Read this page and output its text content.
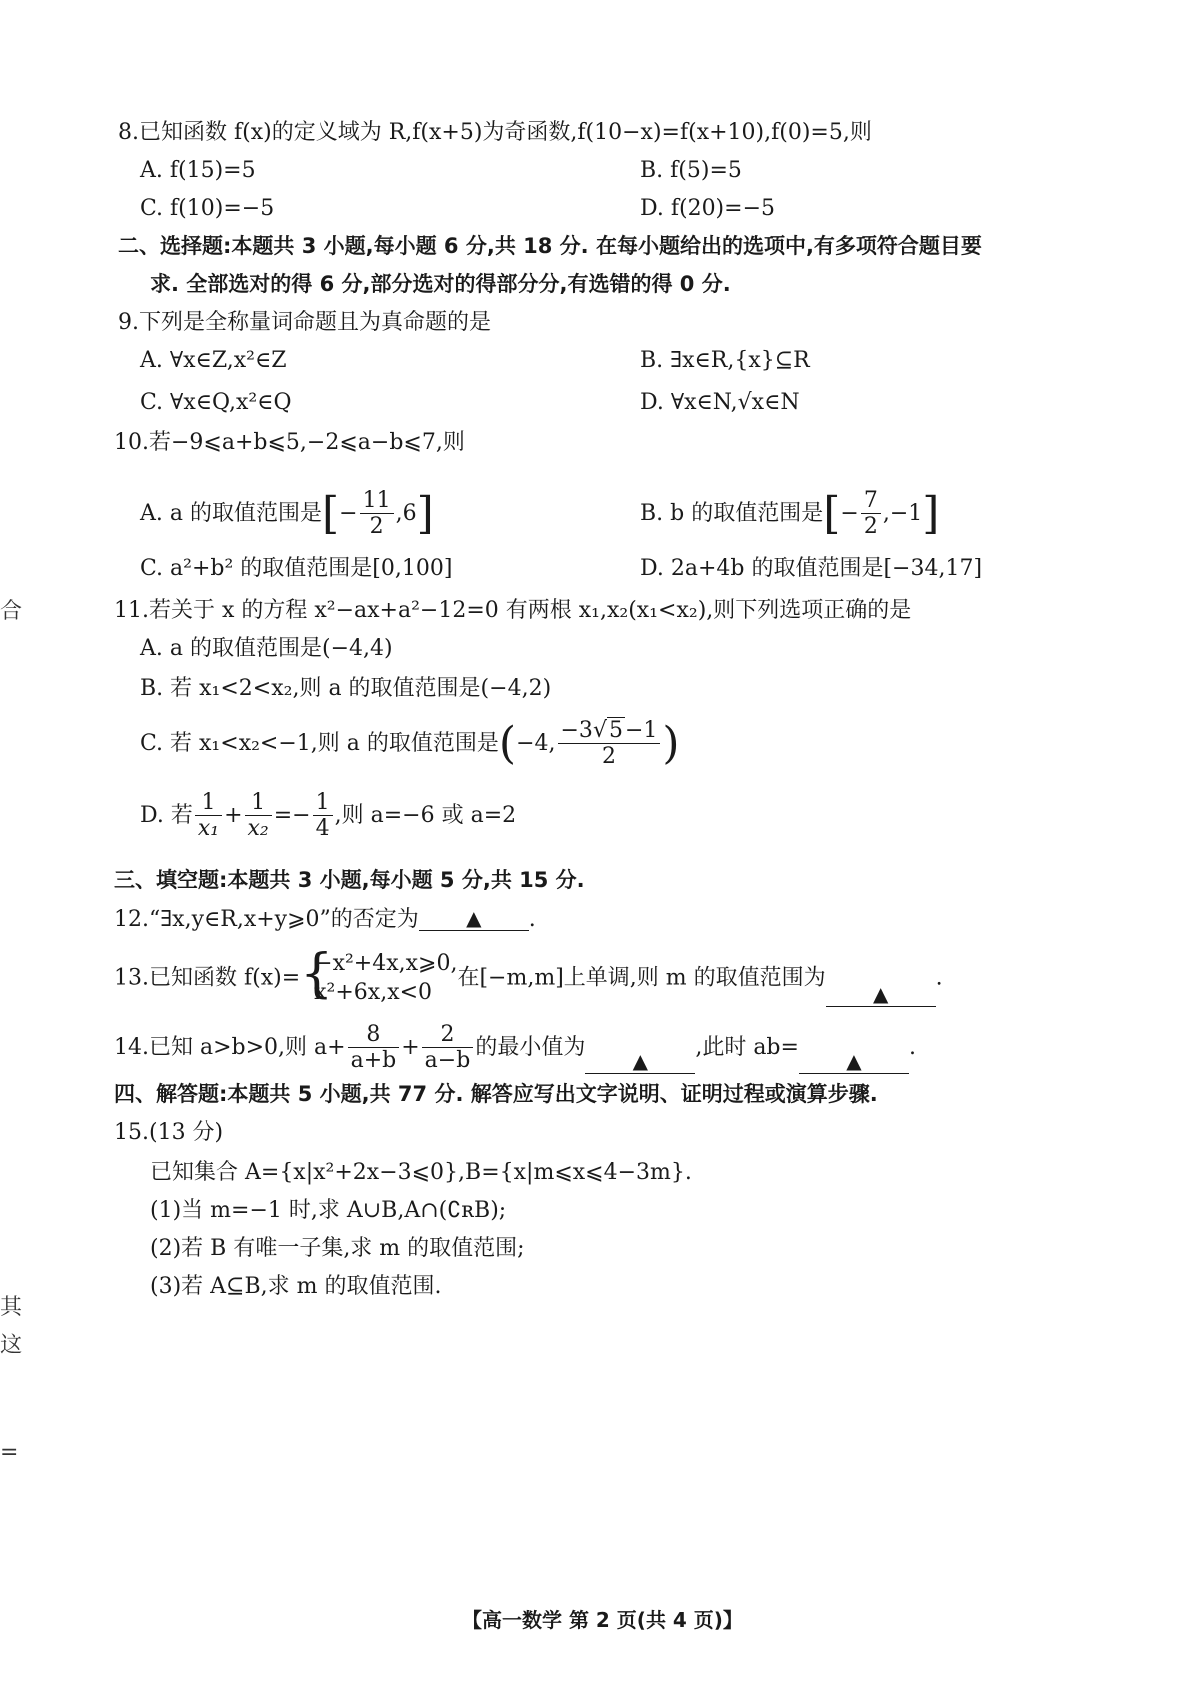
8.已知函数 f(x)的定义域为 R,f(x+5)为奇函数,f(10−x)=f(x+10),f(0)=5,则
A. f(15)=5	B. f(5)=5
C. f(10)=−5	D. f(20)=−5
二、选择题:本题共 3 小题,每小题 6 分,共 18 分. 在每小题给出的选项中,有多项符合题目要
求. 全部选对的得 6 分,部分选对的得部分分,有选错的得 0 分.
9.下列是全称量词命题且为真命题的是
A. ∀x∈Z,x²∈Z	B. ∃x∈R,{x}⊆R
C. ∀x∈Q,x²∈Q	D. ∀x∈N,√x∈N
10.若−9⩽a+b⩽5,−2⩽a−b⩽7,则
A. a 的取值范围是[− $\frac{11}{2} ,6$]	B. b 的取值范围是[− $\frac{7}{2} ,-1$]
C. a²+b² 的取值范围是[0,100]	D. 2a+4b 的取值范围是[−34,17]
11.若关于 x 的方程 x²−ax+a²−12=0 有两根 x₁,x₂(x₁<x₂),则下列选项正确的是
A. a 的取值范围是(−4,4)
B. 若 x₁<2<x₂,则 a 的取值范围是(−4,2)
C. 若 x₁<x₂<−1,则 a 的取值范围是(−4, $\frac{-3√5-1}{2}$ )
D. 若 $\frac{1}{\text{x₁}} + \frac{1}{\text{x₂}} =- \frac{1}{4}$ ,则 a=−6 或 a=2
三、填空题:本题共 3 小题,每小题 5 分,共 15 分.
12.“∃x,y∈R,x+y⩾0”的否定为	▲	.
13.已知函数 f(x)= {
−x²+4x,x⩾0,
x²+6x,x<0
在[−m,m]上单调,则 m 的取值范围为
▲
.
14.已知 a>b>0,则 $a+ \frac{8}{a+b} + \frac{2}{a-b}$ 的最小值为
▲
,此时 ab=
▲
.
四、解答题:本题共 5 小题,共 77 分. 解答应写出文字说明、证明过程或演算步骤.
15.(13 分)
已知集合 A={x|x²+2x−3⩽0},B={x|m⩽x⩽4−3m}.
(1)当 m=−1 时,求 A∪B,A∩(∁ʀB);
(2)若 B 有唯一子集,求 m 的取值范围;
(3)若 A⊆B,求 m 的取值范围.
合
其
这
=
【高一数学 第 2 页(共 4 页)】
